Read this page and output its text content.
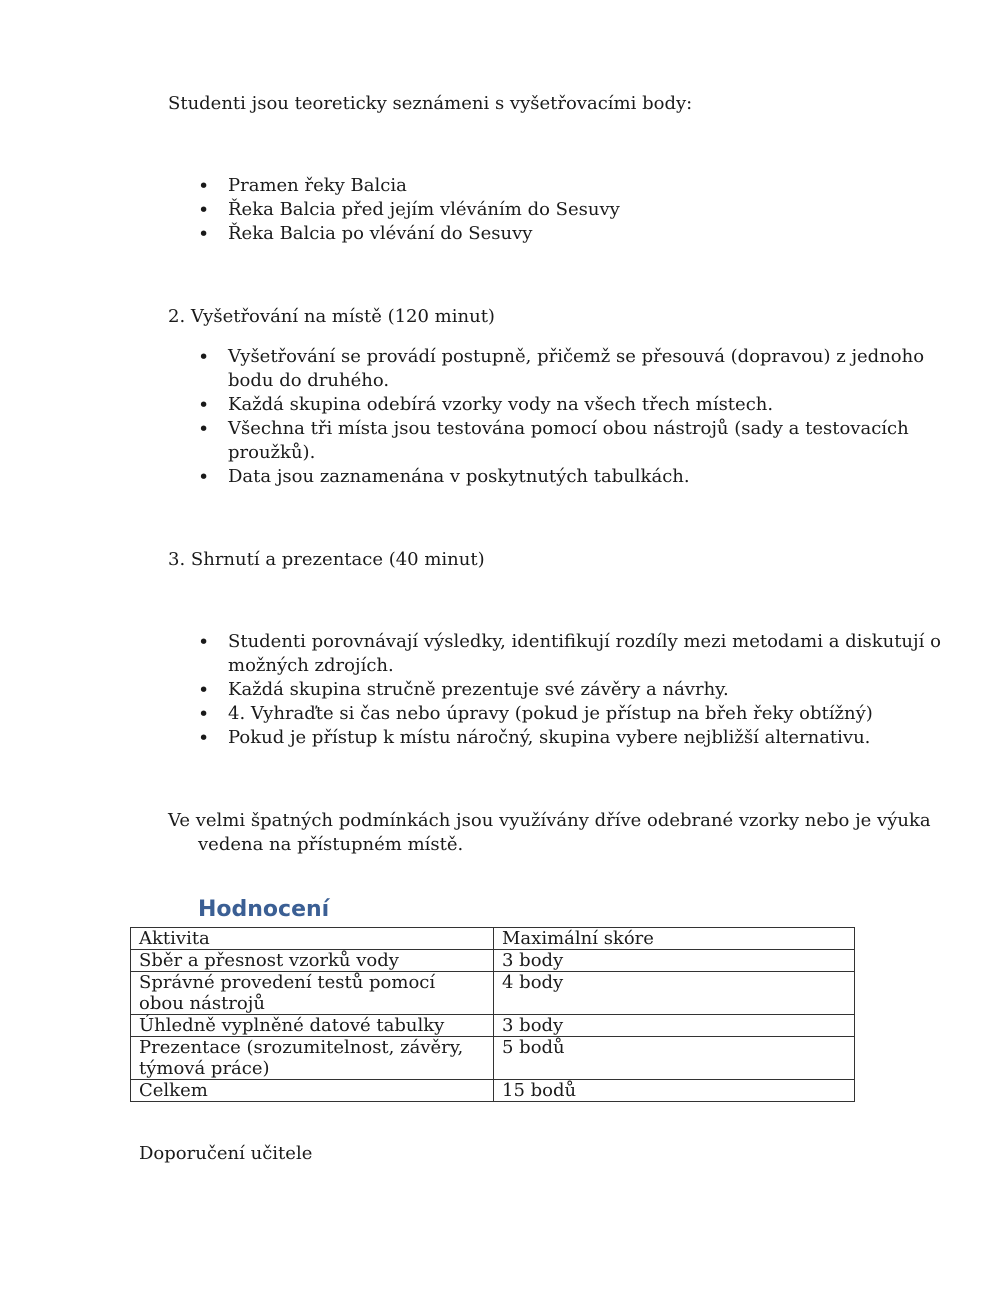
Studenti jsou teoreticky seznámeni s vyšetřovacími body:

• Pramen řeky Balcia
• Řeka Balcia před jejím vléváním do Sesuvy
• Řeka Balcia po vlévání do Sesuvy

2. Vyšetřování na místě (120 minut)

• Vyšetřování se provádí postupně, přičemž se přesouvá (dopravou) z jednoho bodu do druhého.
• Každá skupina odebírá vzorky vody na všech třech místech.
• Všechna tři místa jsou testována pomocí obou nástrojů (sady a testovacích proužků).
• Data jsou zaznamenána v poskytnutých tabulkách.

3. Shrnutí a prezentace (40 minut)

• Studenti porovnávají výsledky, identifikují rozdíly mezi metodami a diskutují o možných zdrojích.
• Každá skupina stručně prezentuje své závěry a návrhy.
• 4. Vyhraďte si čas nebo úpravy (pokud je přístup na břeh řeky obtížný)
• Pokud je přístup k místu náročný, skupina vybere nejbližší alternativu.

Ve velmi špatných podmínkách jsou využívány dříve odebrané vzorky nebo je výuka vedena na přístupném místě.

Hodnocení
Aktivita	Maximální skóre
Sběr a přesnost vzorků vody	3 body
Správné provedení testů pomocí obou nástrojů	4 body
Úhledně vyplněné datové tabulky	3 body
Prezentace (srozumitelnost, závěry, týmová práce)	5 bodů
Celkem	15 bodů

Doporučení učitele
